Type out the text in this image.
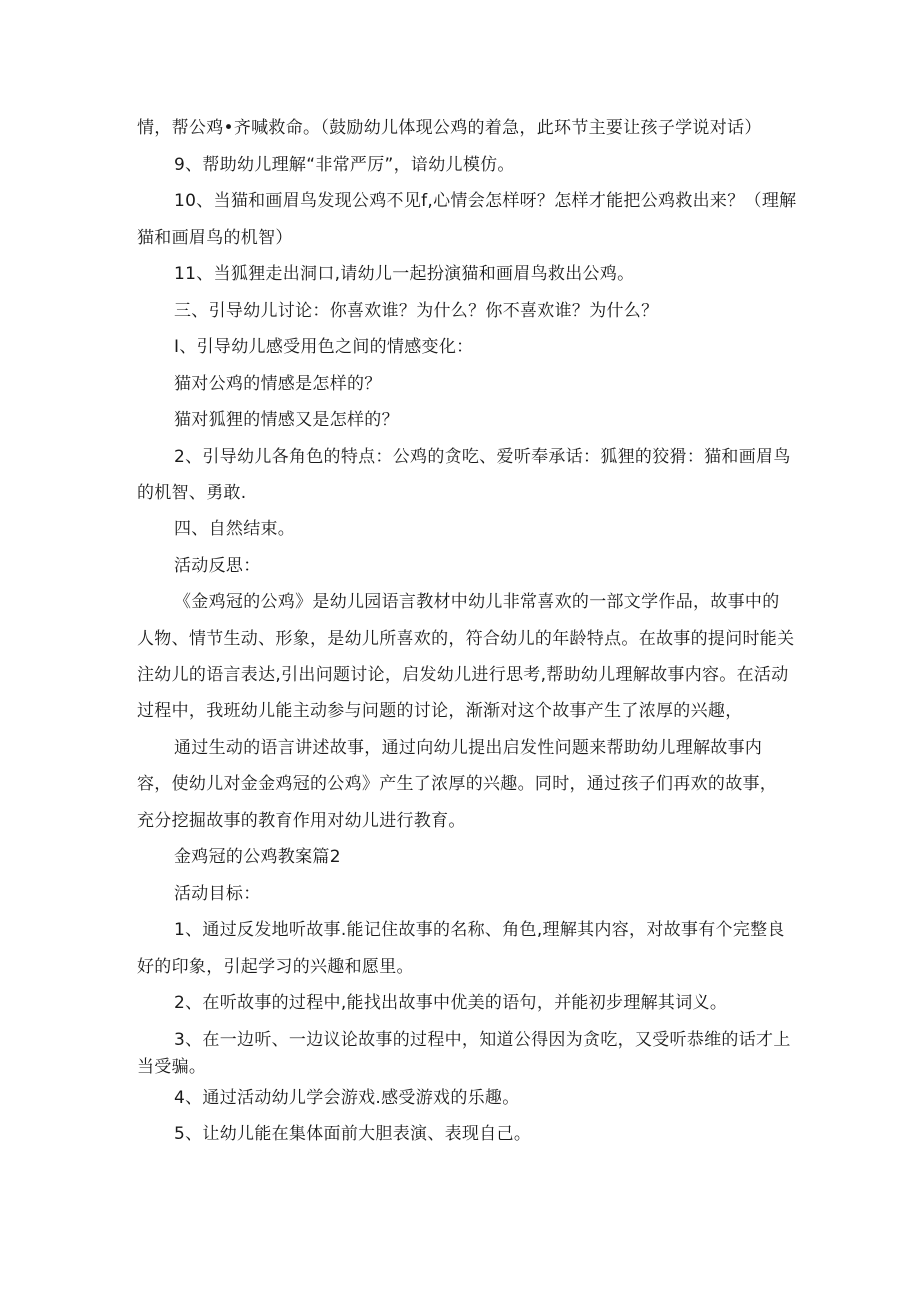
情，帮公鸡•齐喊救命。（鼓励幼儿体现公鸡的着急，此环节主要让孩子学说对话）
9、帮助幼儿理解“非常严厉”，谙幼儿模仿。
10、当猫和画眉鸟发现公鸡不见f,心情会怎样呀？怎样才能把公鸡救出来？（理解
猫和画眉鸟的机智）
11、当狐狸走出洞口,请幼儿一起扮演猫和画眉鸟救出公鸡。
三、引导幼儿讨论：你喜欢谁？为什么？你不喜欢谁？为什么？
I、引导幼儿感受用色之间的情感变化：
猫对公鸡的情感是怎样的？
猫对狐狸的情感又是怎样的？
2、引导幼儿各角色的特点：公鸡的贪吃、爱听奉承话：狐狸的狡猾：猫和画眉鸟
的机智、勇敢.
四、自然结束。
活动反思：
《金鸡冠的公鸡》是幼儿园语言教材中幼儿非常喜欢的一部文学作品，故事中的
人物、情节生动、形象，是幼儿所喜欢的，符合幼儿的年龄特点。在故事的提问时能关
注幼儿的语言表达,引出问题讨论，启发幼儿进行思考,帮助幼儿理解故事内容。在活动
过程中，我班幼儿能主动参与问题的讨论，渐渐对这个故事产生了浓厚的兴趣，
通过生动的语言讲述故事，通过向幼儿提出启发性问题来帮助幼儿理解故事内
容，使幼儿对金金鸡冠的公鸡》产生了浓厚的兴趣。同时，通过孩子们再欢的故事，
充分挖掘故事的教育作用对幼儿进行教育。
金鸡冠的公鸡教案篇2
活动目标：
1、通过反发地听故事.能记住故事的名称、角色,理解其内容，对故事有个完整良
好的印象，引起学习的兴趣和愿里。
2、在听故事的过程中,能找出故事中优美的语句，并能初步理解其词义。
3、在一边听、一边议论故事的过程中，知道公得因为贪吃，又受听恭维的话才上
当受骗。
4、通过活动幼儿学会游戏.感受游戏的乐趣。
5、让幼儿能在集体面前大胆表演、表现自己。
